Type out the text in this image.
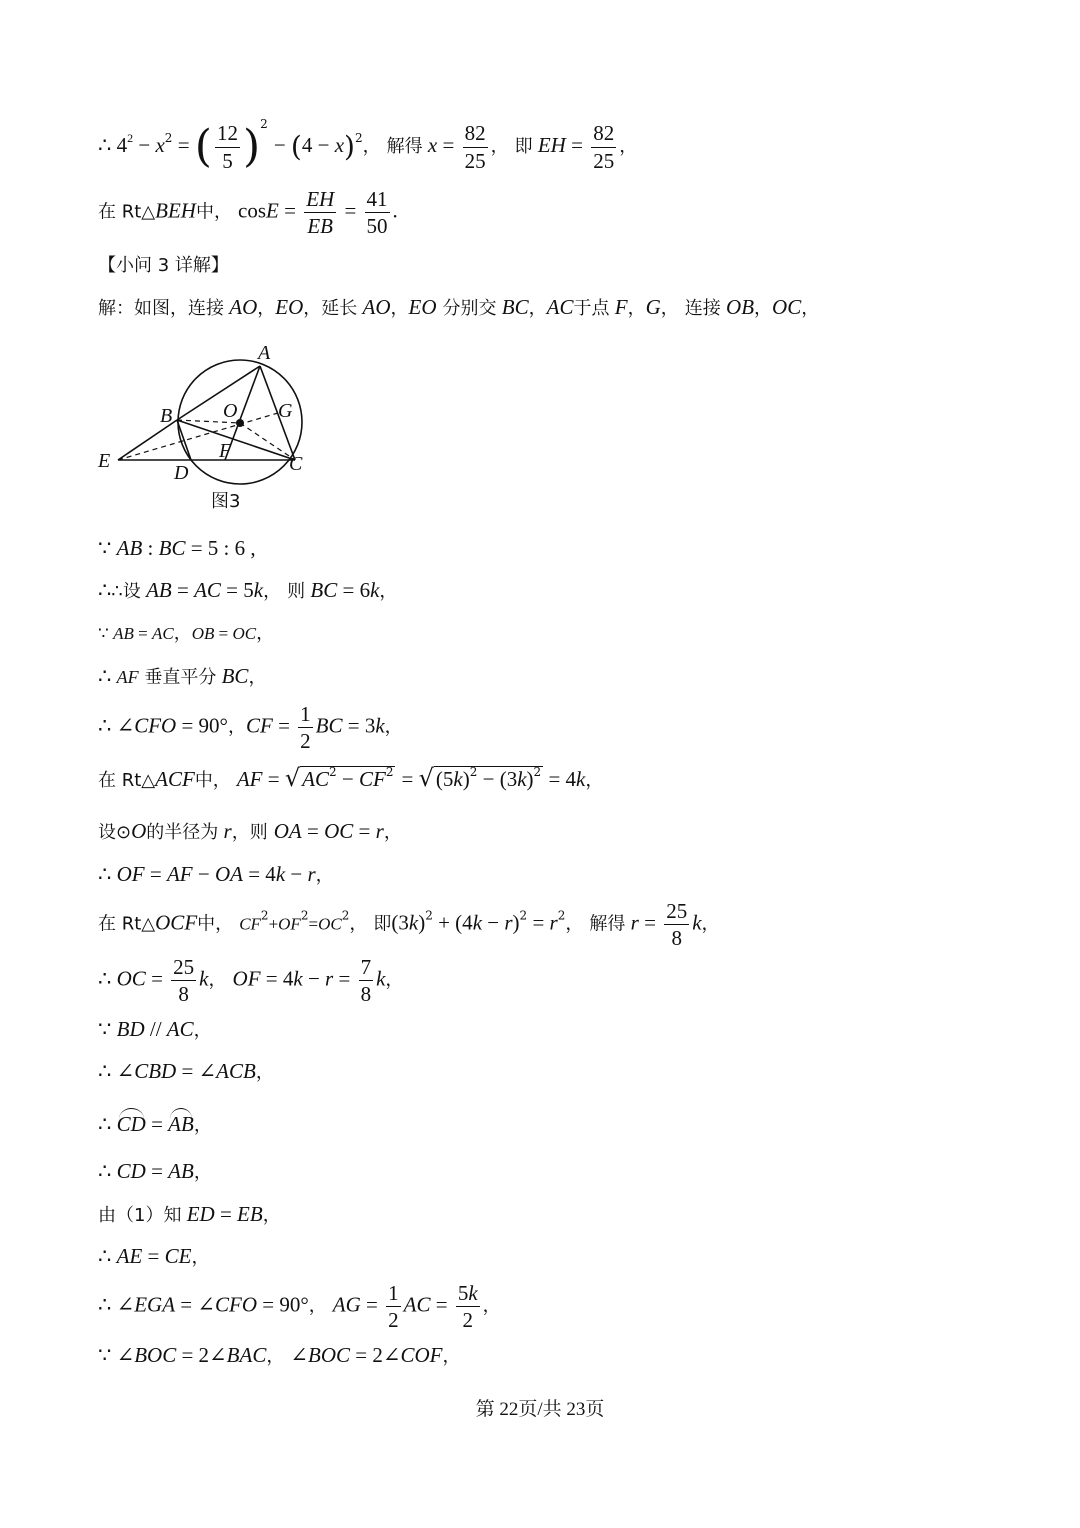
∴ $4^2 - x^2$ = ( $\frac{12}{5} )^2 - (4 - x)^2$， 解得 $x = \frac{82}{25}$ ， 即 EH = $\frac{82}{25}$ ，
在 Rt△BEH中， $\cos E = \frac{EH}{EB} = \frac{41}{50}$ .
【小问 3 详解】
解：如图，连接 AO，EO，延长 AO，EO 分别交 BC，AC于点 F，G， 连接 OB，OC，
A
B	O G
E
D
F
C
图3
∵ AB : BC = 5 : 6 ,
∴∴设 AB = AC = 5k， 则 BC = 6k，
∵ AB = AC，OB = OC，
∴ AF 垂直平分 BC，
∴ ∠CFO = 90°，CF = $\frac{1}{2}$ BC = 3k，
在 Rt△ACF中， AF = $√AC^2 - CF^2 = √(5k)^2 - (3k)^2 = 4k$，
设⊙O的半径为 r，则 OA = OC = r，
∴ OF = AF − OA = 4k − r，
在 Rt△OCF中， $CF^2+OF^2=OC^2$， 即$(3k)^2 + (4k - r)^2 = r^2$， 解得 $r = \frac{25}{8}$ k，
∴ OC = $\frac{25}{8}$ k， OF = $4k - r = \frac{7}{8}$ k，
∵ BD // AC，
∴ ∠CBD = ∠ACB，
∴ CD = AB，
∴ CD = AB，
由（1）知 ED = EB，
∴ AE = CE，
∴ ∠EGA = ∠CFO = 90°， AG = $\frac{1}{2}$ AC = $\frac{5k}{2}$ ，
∵ ∠BOC = 2∠BAC， ∠BOC = 2∠COF，
第 22页/共 23页
